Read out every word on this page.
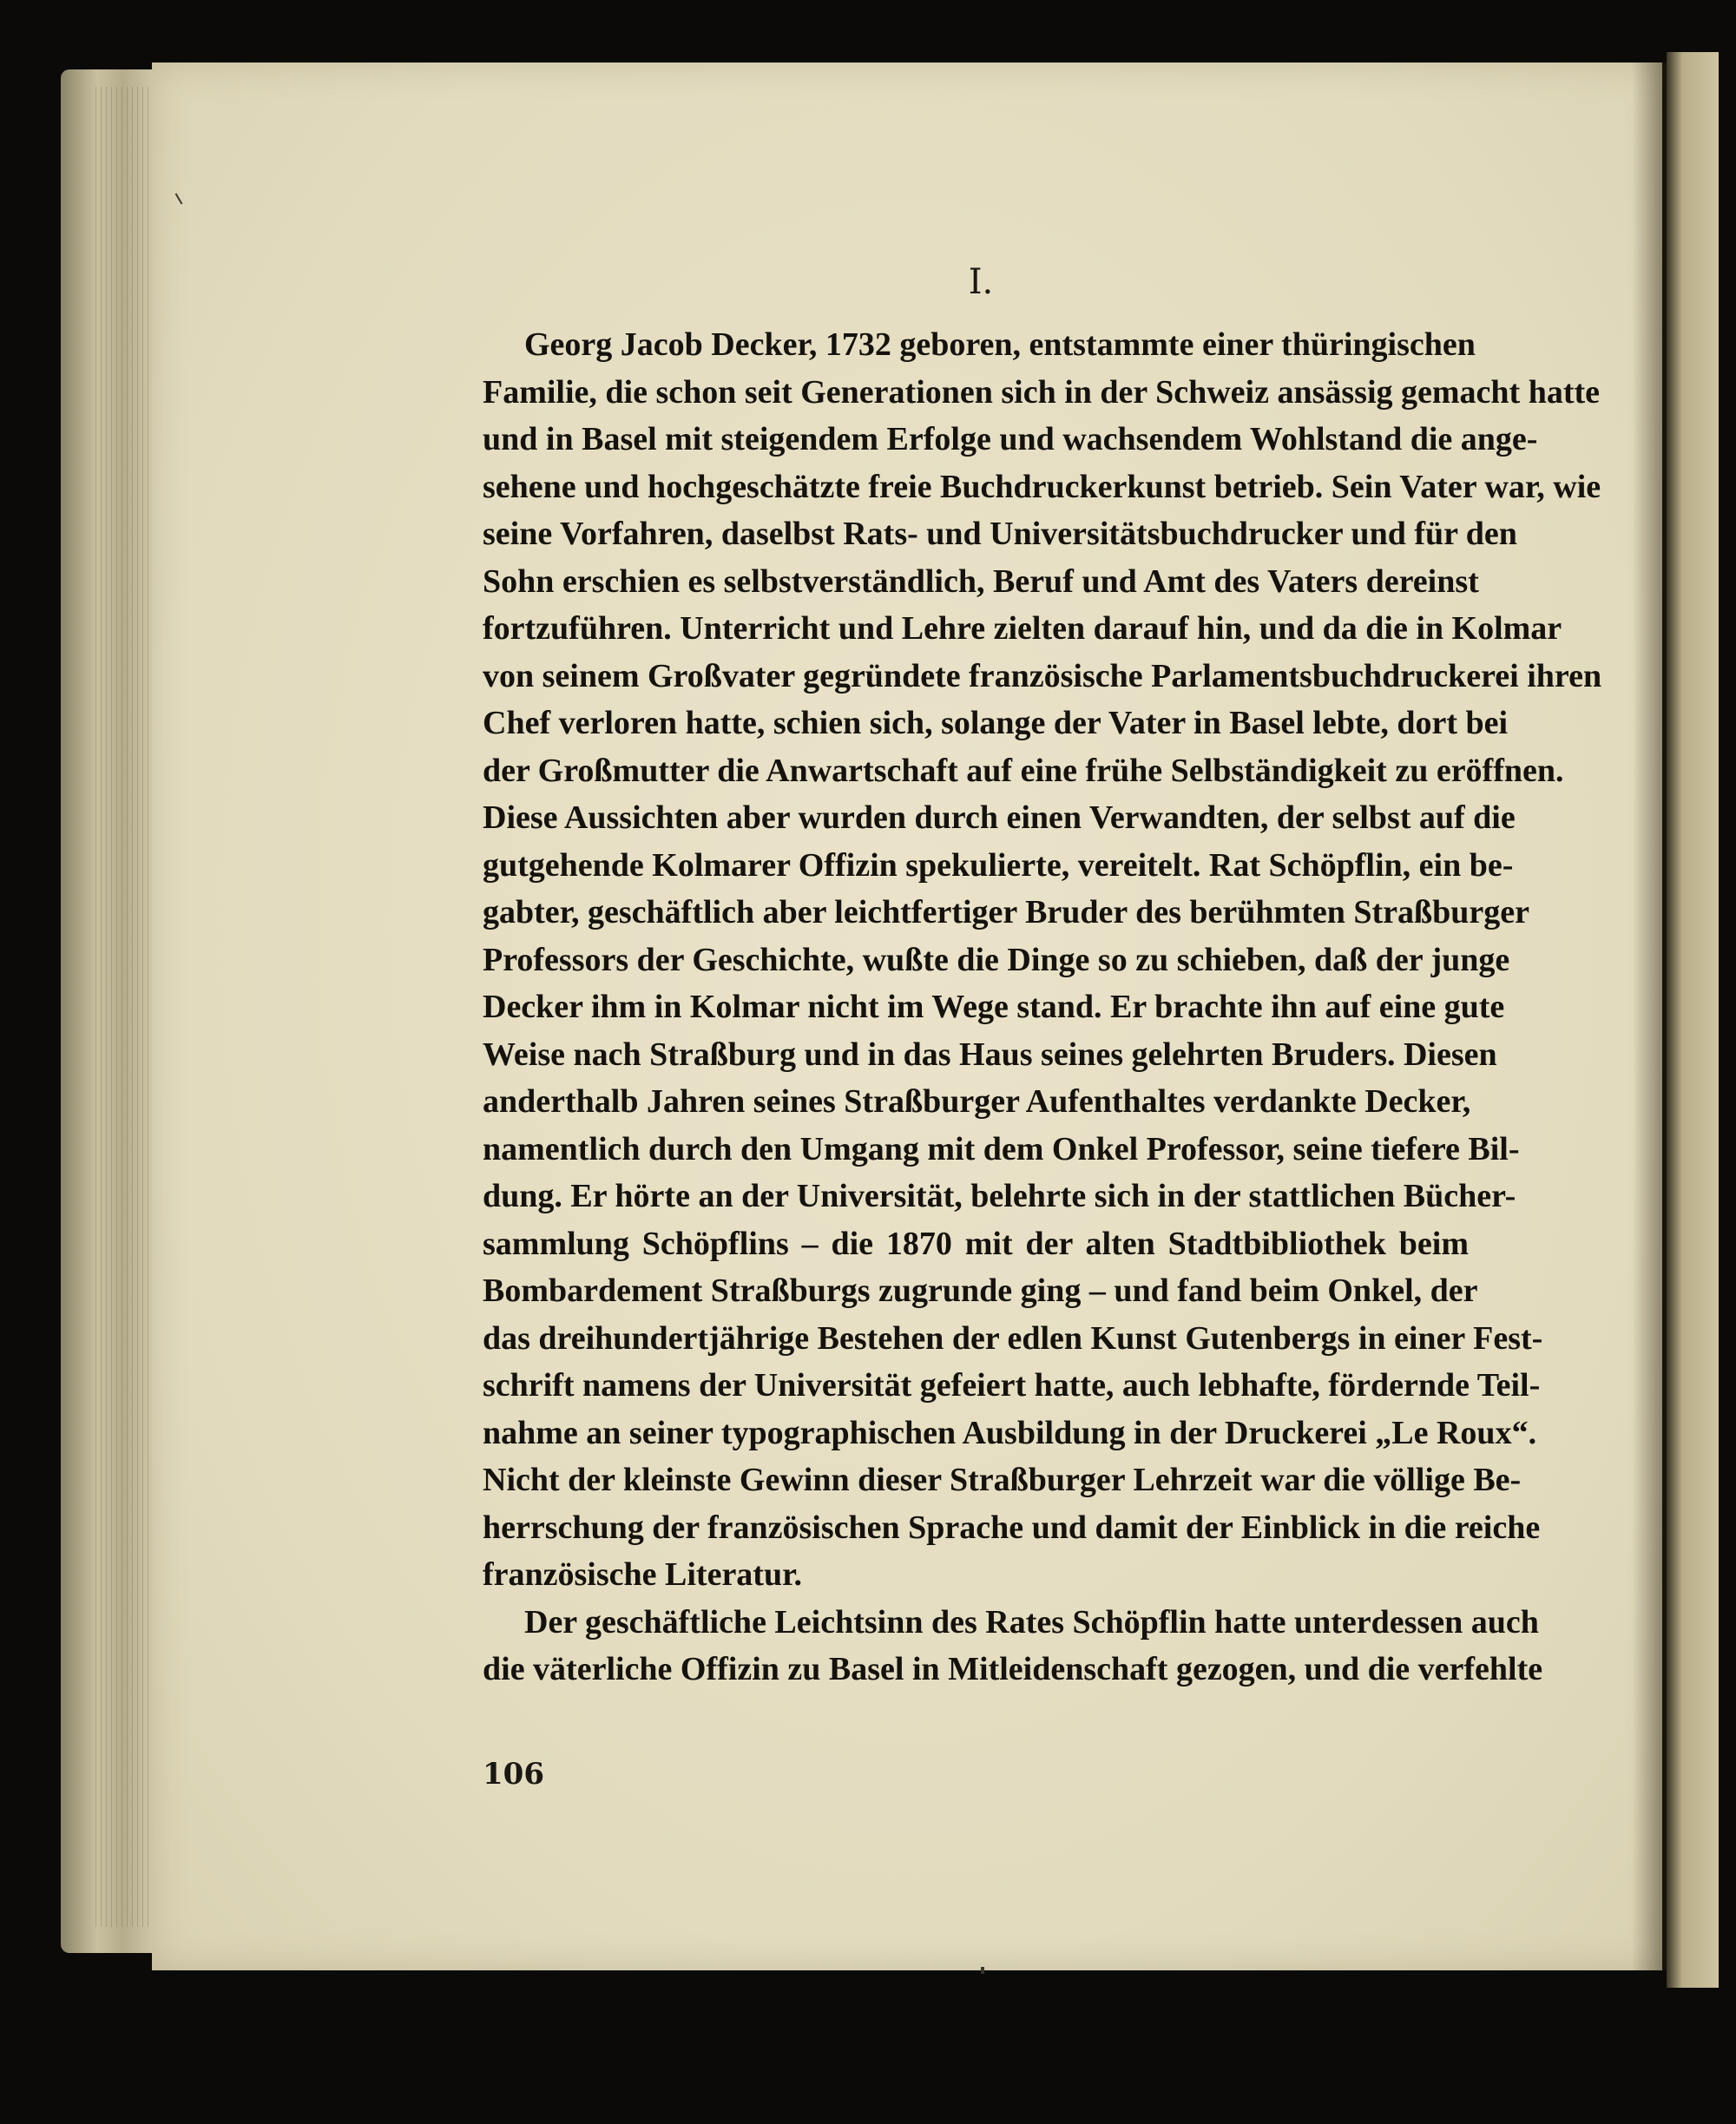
I.
Georg Jacob Decker, 1732 geboren, entstammte einer thüringischen
Familie, die schon seit Generationen sich in der Schweiz ansässig gemacht hatte
und in Basel mit steigendem Erfolge und wachsendem Wohlstand die ange-
sehene und hochgeschätzte freie Buchdruckerkunst betrieb. Sein Vater war, wie
seine Vorfahren, daselbst Rats- und Universitätsbuchdrucker und für den
Sohn erschien es selbstverständlich, Beruf und Amt des Vaters dereinst
fortzuführen. Unterricht und Lehre zielten darauf hin, und da die in Kolmar
von seinem Großvater gegründete französische Parlamentsbuchdruckerei ihren
Chef verloren hatte, schien sich, solange der Vater in Basel lebte, dort bei
der Großmutter die Anwartschaft auf eine frühe Selbständigkeit zu eröffnen.
Diese Aussichten aber wurden durch einen Verwandten, der selbst auf die
gutgehende Kolmarer Offizin spekulierte, vereitelt. Rat Schöpflin, ein be-
gabter, geschäftlich aber leichtfertiger Bruder des berühmten Straßburger
Professors der Geschichte, wußte die Dinge so zu schieben, daß der junge
Decker ihm in Kolmar nicht im Wege stand. Er brachte ihn auf eine gute
Weise nach Straßburg und in das Haus seines gelehrten Bruders. Diesen
anderthalb Jahren seines Straßburger Aufenthaltes verdankte Decker,
namentlich durch den Umgang mit dem Onkel Professor, seine tiefere Bil-
dung. Er hörte an der Universität, belehrte sich in der stattlichen Bücher-
sammlung Schöpflins – die 1870 mit der alten Stadtbibliothek beim
Bombardement Straßburgs zugrunde ging – und fand beim Onkel, der
das dreihundertjährige Bestehen der edlen Kunst Gutenbergs in einer Fest-
schrift namens der Universität gefeiert hatte, auch lebhafte, fördernde Teil-
nahme an seiner typographischen Ausbildung in der Druckerei „Le Roux“.
Nicht der kleinste Gewinn dieser Straßburger Lehrzeit war die völlige Be-
herrschung der französischen Sprache und damit der Einblick in die reiche
französische Literatur.
Der geschäftliche Leichtsinn des Rates Schöpflin hatte unterdessen auch
die väterliche Offizin zu Basel in Mitleidenschaft gezogen, und die verfehlte
106
